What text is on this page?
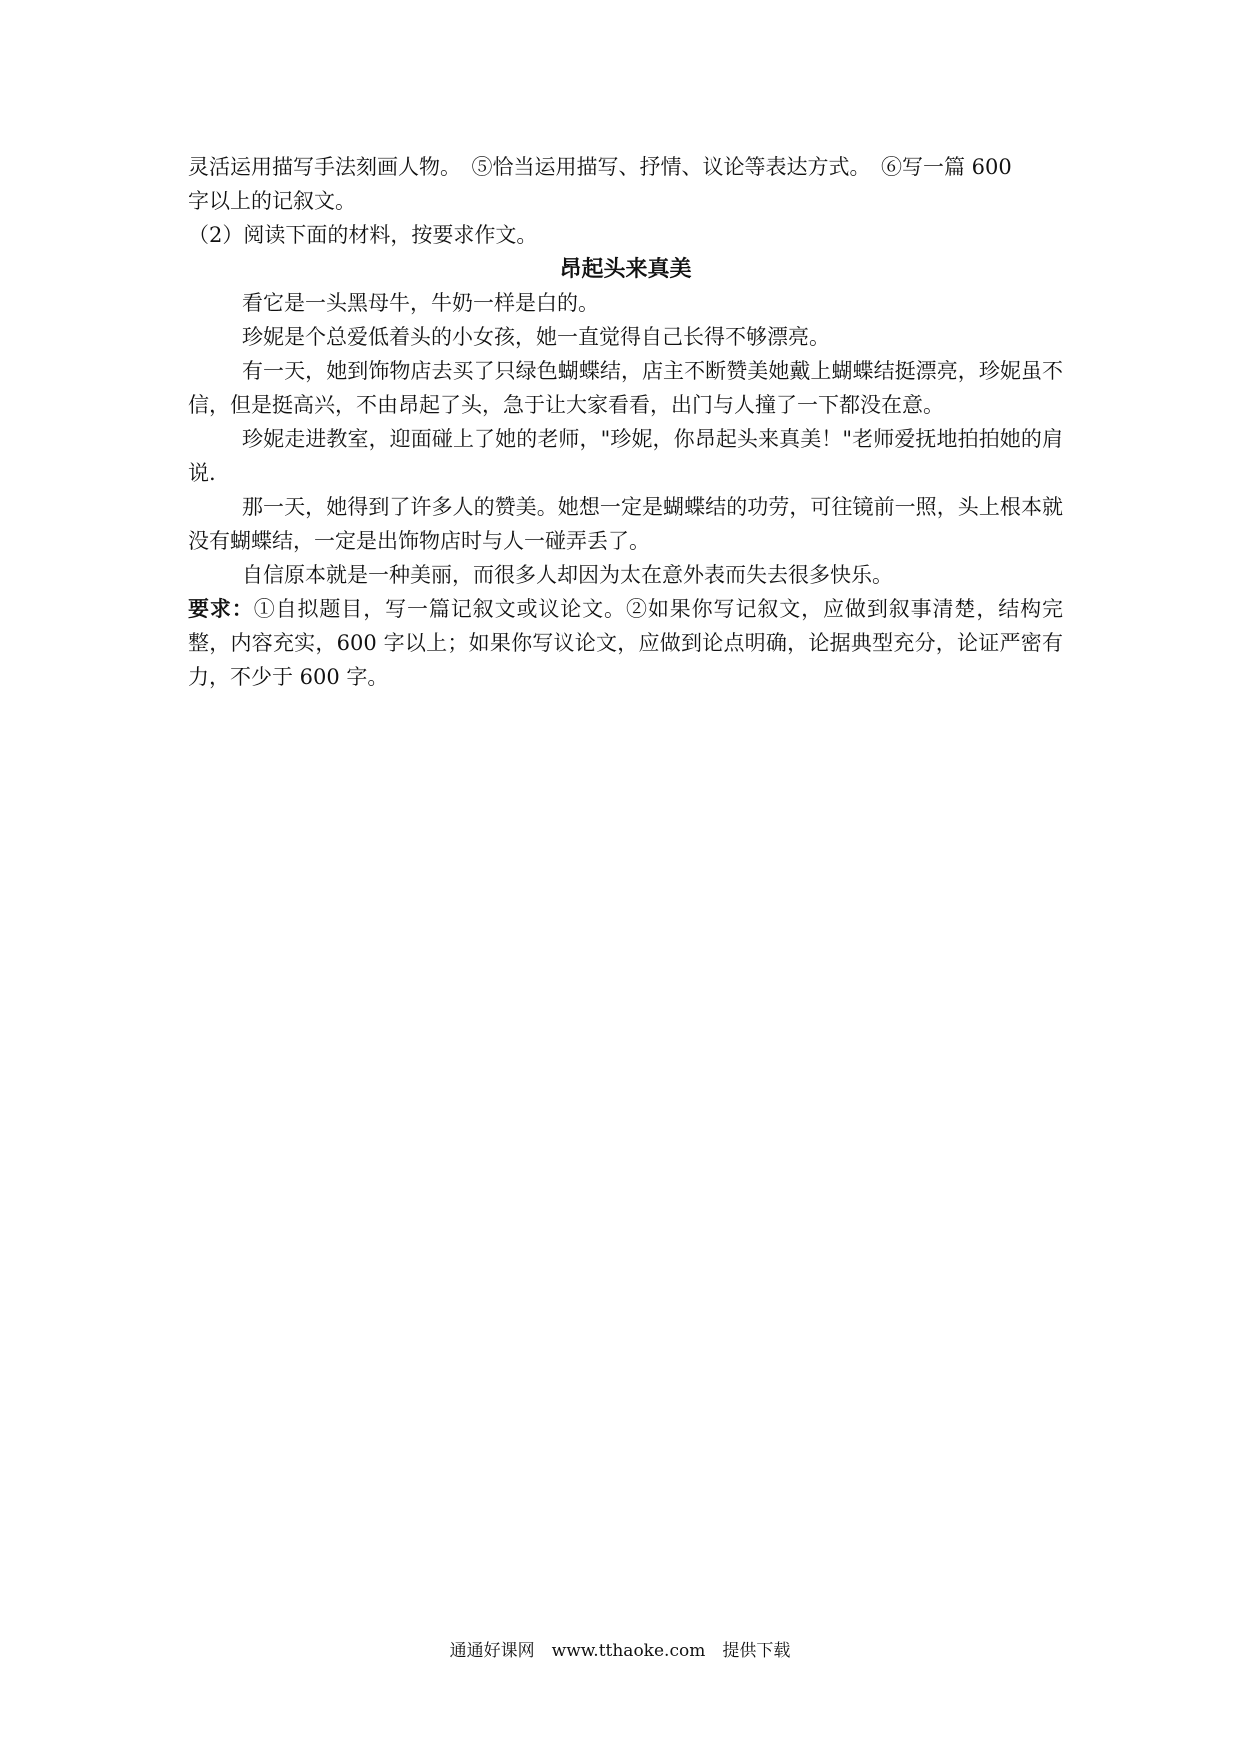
灵活运用描写手法刻画人物。　⑤恰当运用描写、抒情、议论等表达方式。　⑥写一篇 600

字以上的记叙文。

（2）阅读下面的材料，按要求作文。

昂起头来真美

看它是一头黑母牛，牛奶一样是白的。

珍妮是个总爱低着头的小女孩，她一直觉得自己长得不够漂亮。

有一天，她到饰物店去买了只绿色蝴蝶结，店主不断赞美她戴上蝴蝶结挺漂亮，珍妮虽不信，但是挺高兴，不由昂起了头，急于让大家看看，出门与人撞了一下都没在意。

珍妮走进教室，迎面碰上了她的老师，"珍妮，你昂起头来真美！"老师爱抚地拍拍她的肩说.

那一天，她得到了许多人的赞美。她想一定是蝴蝶结的功劳，可往镜前一照，头上根本就没有蝴蝶结，一定是出饰物店时与人一碰弄丢了。

自信原本就是一种美丽，而很多人却因为太在意外表而失去很多快乐。

要求：①自拟题目，写一篇记叙文或议论文。②如果你写记叙文，应做到叙事清楚，结构完整，内容充实，600 字以上；如果你写议论文，应做到论点明确，论据典型充分，论证严密有力，不少于 600 字。

通通好课网　www.tthaoke.com　提供下载
